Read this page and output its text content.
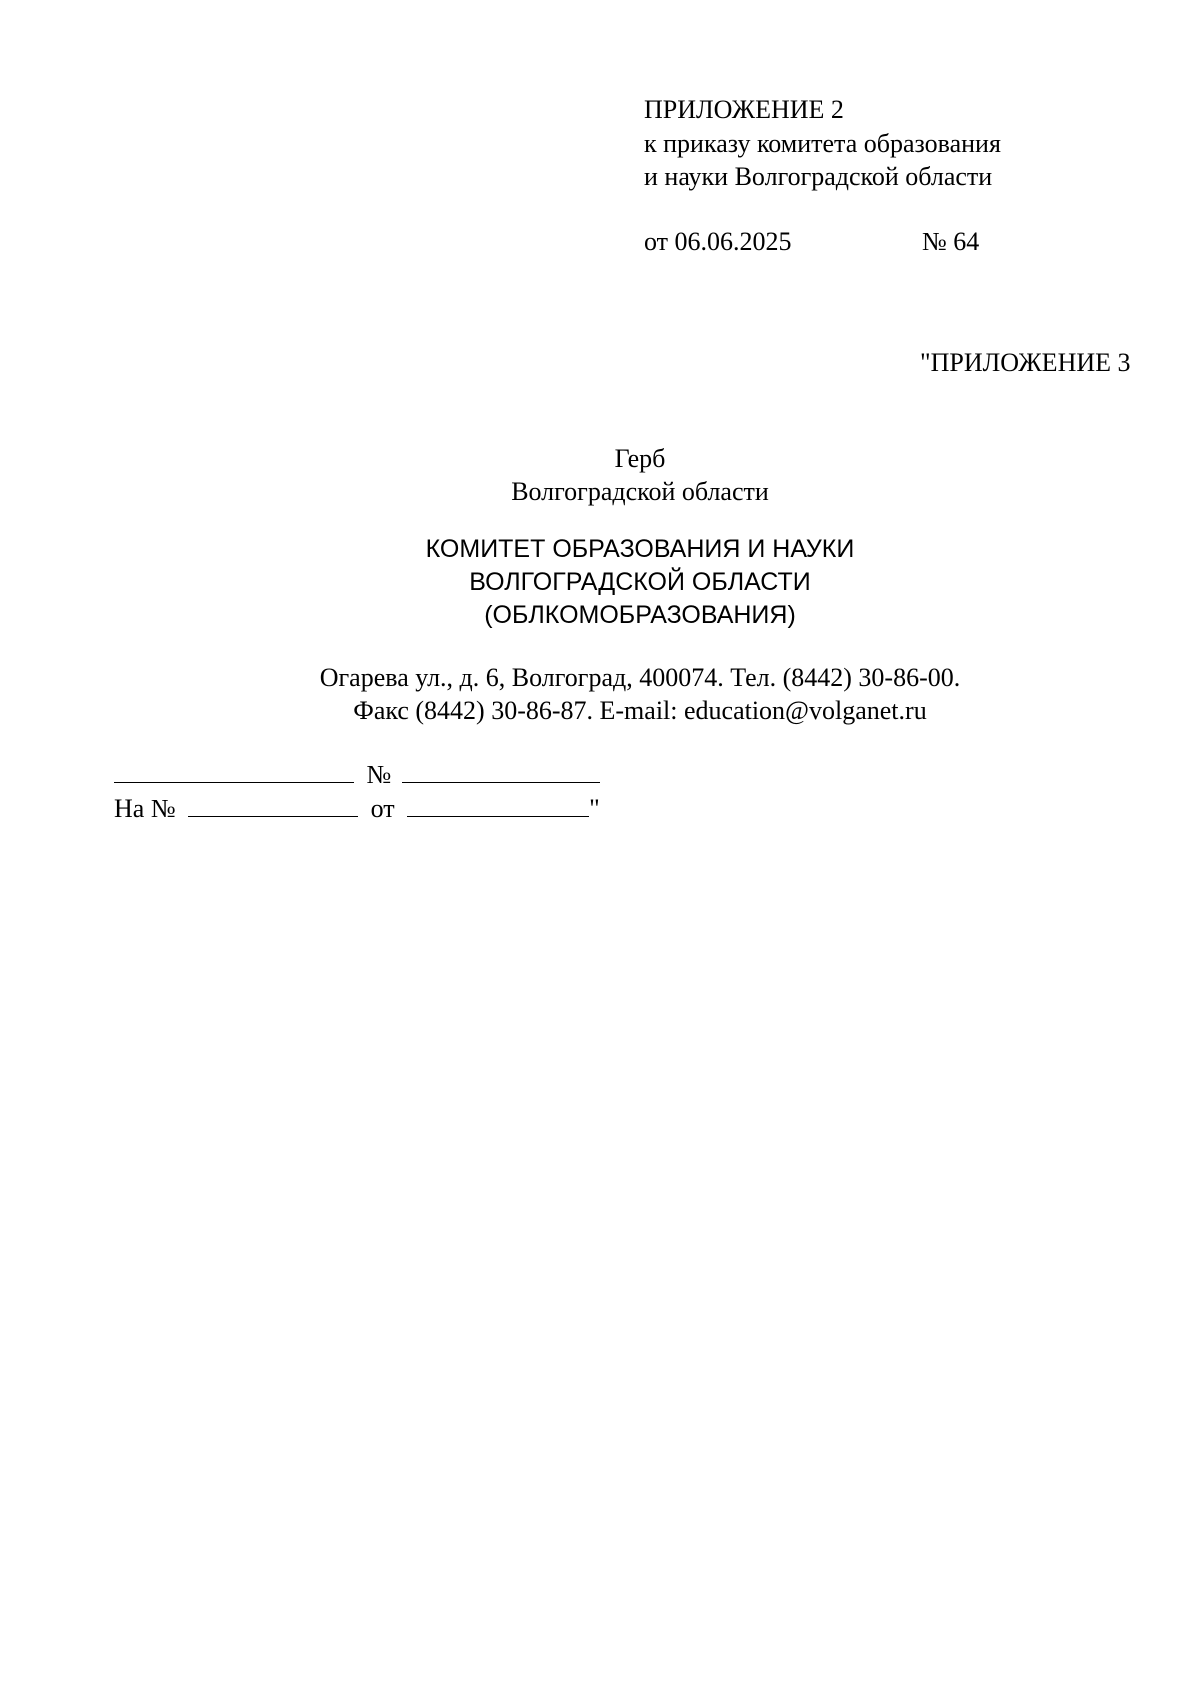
ПРИЛОЖЕНИЕ 2
к приказу комитета образования
и науки Волгоградской области
от 06.06.2025	№ 64
"ПРИЛОЖЕНИЕ 3
Герб
Волгоградской области
КОМИТЕТ ОБРАЗОВАНИЯ И НАУКИ
ВОЛГОГРАДСКОЙ ОБЛАСТИ
(ОБЛКОМОБРАЗОВАНИЯ)
Огарева ул., д. 6, Волгоград, 400074. Тел. (8442) 30-86-00.
Факс (8442) 30-86-87. E-mail: education@volganet.ru
№
На №	от	"
